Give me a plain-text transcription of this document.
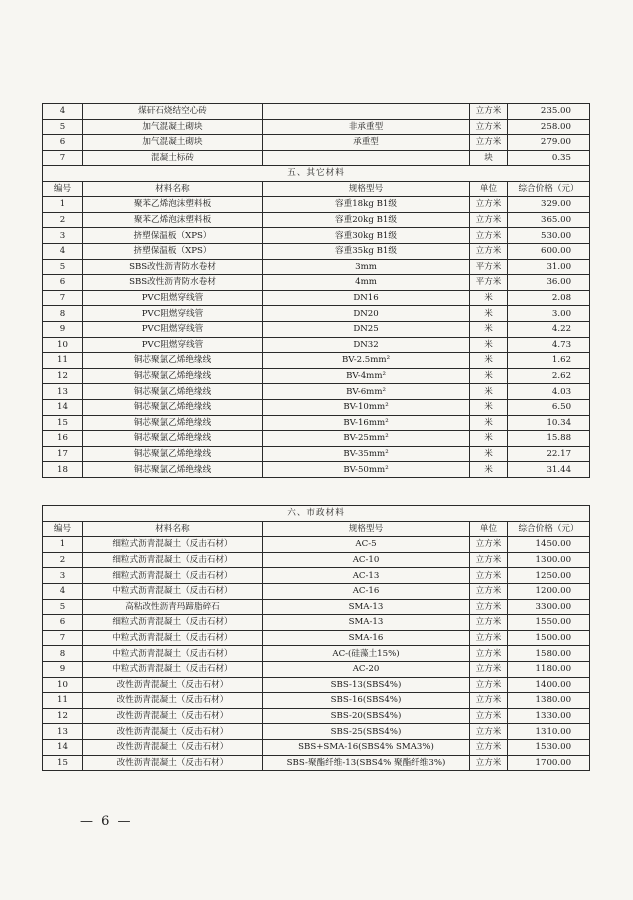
4	煤矸石烧结空心砖		立方米	235.00
5	加气混凝土砌块	非承重型	立方米	258.00
6	加气混凝土砌块	承重型	立方米	279.00
7	混凝土标砖		块	0.35
五、其它材料				
编号	材料名称	规格型号	单位	综合价格（元）
1	聚苯乙烯泡沫塑料板	容重18kg B1级	立方米	329.00
2	聚苯乙烯泡沫塑料板	容重20kg B1级	立方米	365.00
3	挤塑保温板（XPS）	容重30kg B1级	立方米	530.00
4	挤塑保温板（XPS）	容重35kg B1级	立方米	600.00
5	SBS改性沥青防水卷材	3mm	平方米	31.00
6	SBS改性沥青防水卷材	4mm	平方米	36.00
7	PVC阻燃穿线管	DN16	米	2.08
8	PVC阻燃穿线管	DN20	米	3.00
9	PVC阻燃穿线管	DN25	米	4.22
10	PVC阻燃穿线管	DN32	米	4.73
11	铜芯聚氯乙烯绝缘线	BV-2.5mm²	米	1.62
12	铜芯聚氯乙烯绝缘线	BV-4mm²	米	2.62
13	铜芯聚氯乙烯绝缘线	BV-6mm²	米	4.03
14	铜芯聚氯乙烯绝缘线	BV-10mm²	米	6.50
15	铜芯聚氯乙烯绝缘线	BV-16mm²	米	10.34
16	铜芯聚氯乙烯绝缘线	BV-25mm²	米	15.88
17	铜芯聚氯乙烯绝缘线	BV-35mm²	米	22.17
18	铜芯聚氯乙烯绝缘线	BV-50mm²	米	31.44
六、市政材料				
编号	材料名称	规格型号	单位	综合价格（元）
1	细粒式沥青混凝土（反击石材）	AC-5	立方米	1450.00
2	细粒式沥青混凝土（反击石材）	AC-10	立方米	1300.00
3	细粒式沥青混凝土（反击石材）	AC-13	立方米	1250.00
4	中粒式沥青混凝土（反击石材）	AC-16	立方米	1200.00
5	高粘改性沥青玛蹄脂碎石	SMA-13	立方米	3300.00
6	细粒式沥青混凝土（反击石材）	SMA-13	立方米	1550.00
7	中粒式沥青混凝土（反击石材）	SMA-16	立方米	1500.00
8	中粒式沥青混凝土（反击石材）	AC-(硅藻土15%)	立方米	1580.00
9	中粒式沥青混凝土（反击石材）	AC-20	立方米	1180.00
10	改性沥青混凝土（反击石材）	SBS-13(SBS4%)	立方米	1400.00
11	改性沥青混凝土（反击石材）	SBS-16(SBS4%)	立方米	1380.00
12	改性沥青混凝土（反击石材）	SBS-20(SBS4%)	立方米	1330.00
13	改性沥青混凝土（反击石材）	SBS-25(SBS4%)	立方米	1310.00
14	改性沥青混凝土（反击石材）	SBS+SMA-16(SBS4% SMA3%)	立方米	1530.00
15	改性沥青混凝土（反击石材）	SBS-聚酯纤维-13(SBS4% 聚酯纤维3%)	立方米	1700.00
— 6 —
